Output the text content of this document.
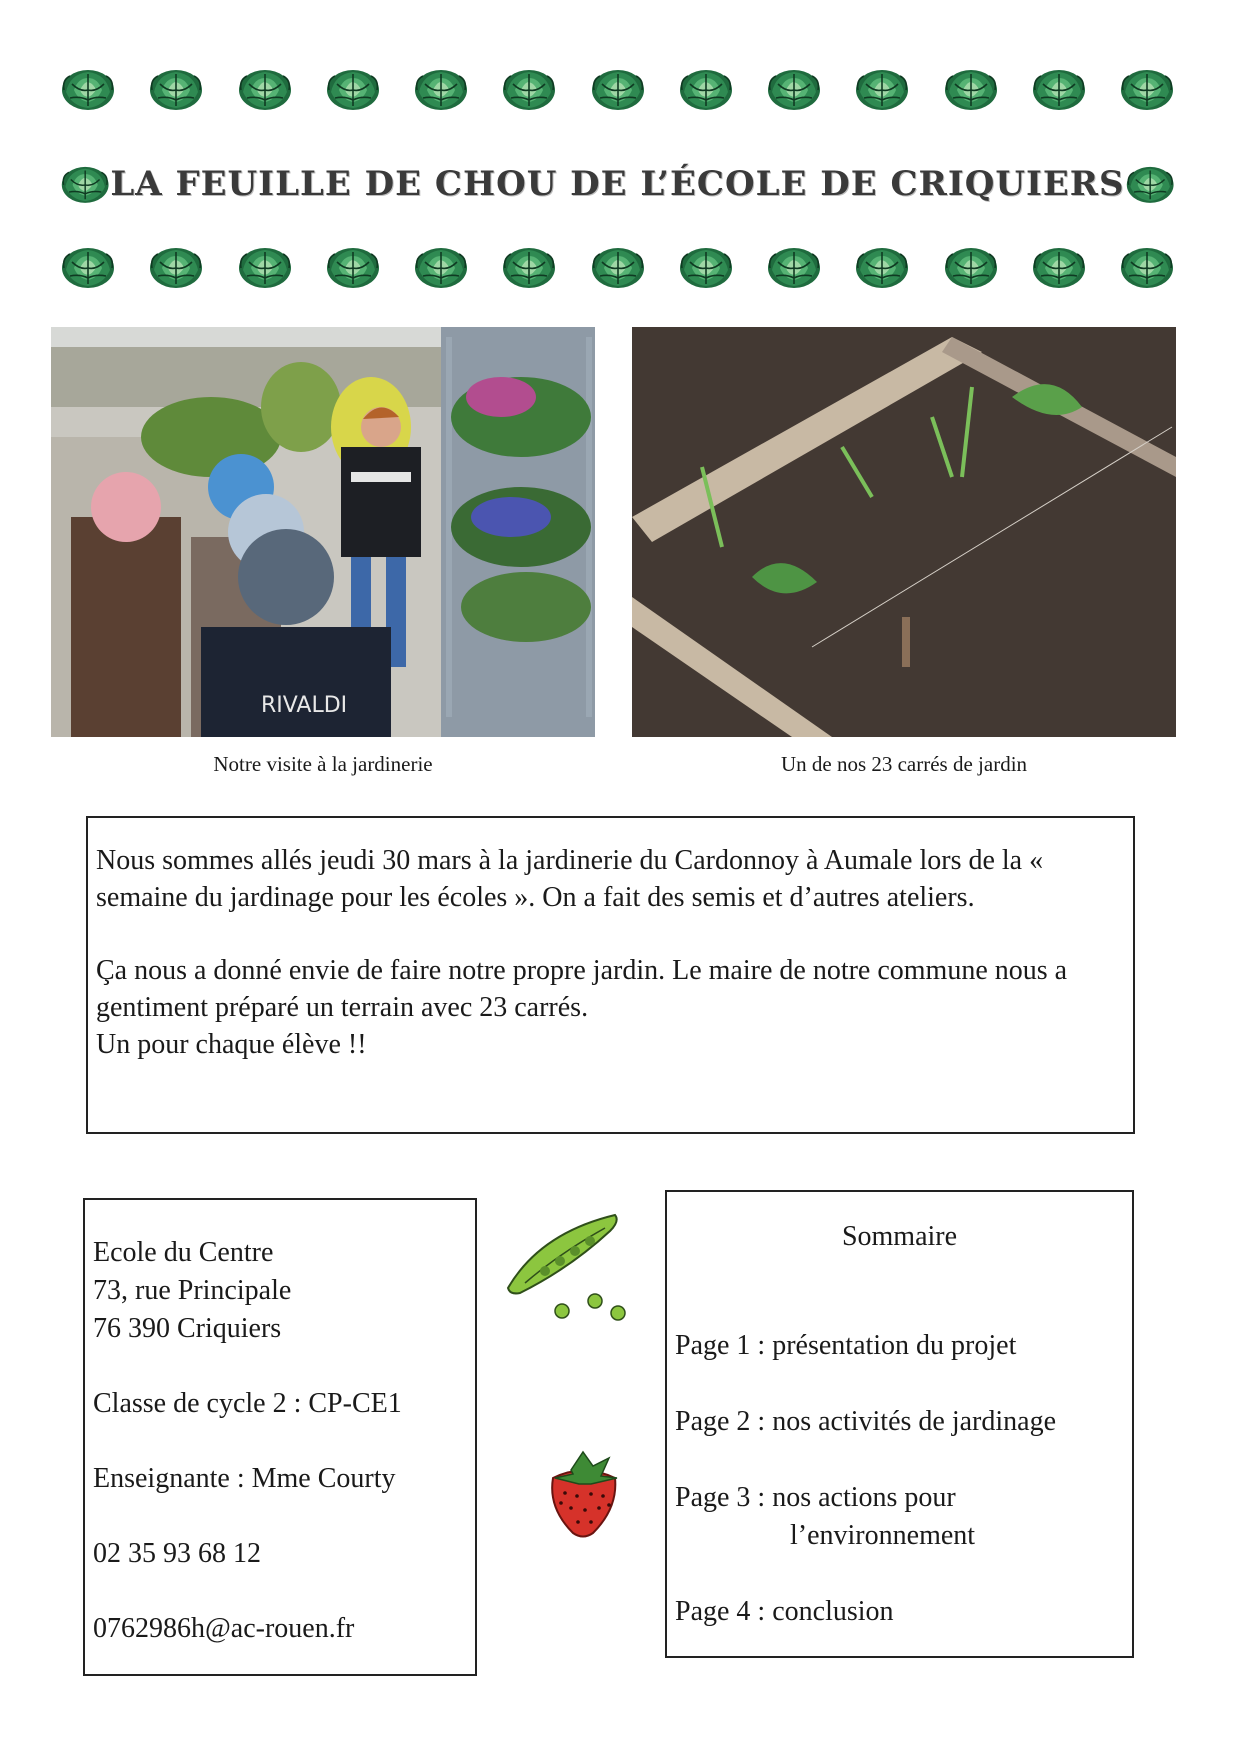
LA FEUILLE DE CHOU DE L’ÉCOLE DE CRIQUIERS
RIVALDI
Notre visite à la jardinerie	Un de nos 23 carrés de jardin

Nous sommes allés jeudi 30 mars à la jardinerie du Cardonnoy à Aumale lors de la « semaine du jardinage pour les écoles ». On a fait des semis et d’autres ateliers.

Ça nous a donné envie de faire notre propre jardin. Le maire de notre commune nous a gentiment préparé un terrain avec 23 carrés.
Un pour chaque élève !!

Ecole du Centre
73, rue Principale
76 390 Criquiers
Classe de cycle 2 : CP-CE1
Enseignante : Mme Courty
02 35 93 68 12
0762986h@ac-rouen.fr
Sommaire
Page 1 : présentation du projet
Page 2 : nos activités de jardinage
Page 3 : nos actions pour
l’environnement
Page 4 : conclusion
